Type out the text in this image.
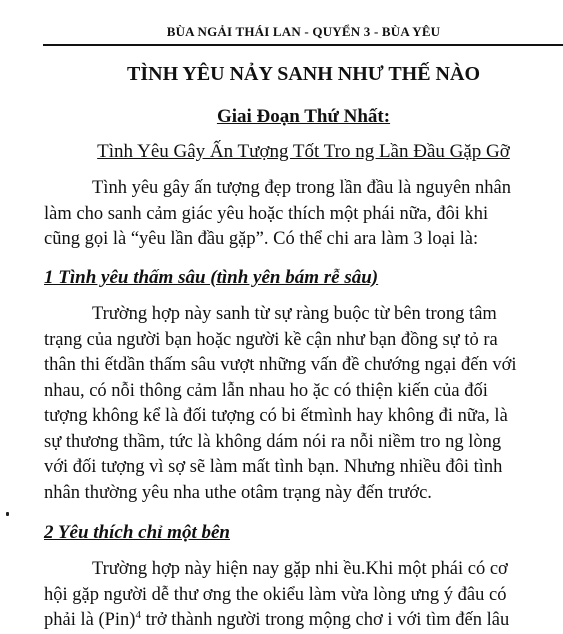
BÙA NGẢI THÁI LAN - QUYỂN 3 - BÙA YÊU
TÌNH YÊU NẢY SANH NHƯ THẾ NÀO
Giai Đoạn Thứ Nhất:
Tình Yêu Gây Ấn Tượng Tốt Tro ng Lần Đầu Gặp Gỡ
Tình yêu gây ấn tượng đẹp trong lần đầu là nguyên nhân
làm cho sanh cảm giác yêu hoặc thích một phái nữa, đôi khi
cũng gọi là “yêu lần đầu gặp”. Có thể chi ara làm 3 loại là:
1 Tình yêu thấm sâu (tình yên bám rễ sâu)
Trường hợp này sanh từ sự ràng buộc từ bên trong tâm
trạng của người bạn hoặc người kề cận như bạn đồng sự tỏ ra
thân thi ếtdần thấm sâu vượt những vấn đề chướng ngại đến với
nhau, có nỗi thông cảm lẫn nhau ho ặc có thiện kiến của đối
tượng không kể là đối tượng có bi ếtmình hay không đi nữa, là
sự thương thầm, tức là không dám nói ra nỗi niềm tro ng lòng
với đối tượng vì sợ sẽ làm mất tình bạn. Nhưng nhiều đôi tình
nhân thường yêu nha uthe otâm trạng này đến trước.
2 Yêu thích chỉ một bên
Trường hợp này hiện nay gặp nhi ều.Khi một phái có cơ
hội gặp người dễ thư ơng the okiểu làm vừa lòng ưng ý đâu có
phải là (Pin)$^4$ trở thành người trong mộng chơ i với tìm đến lâu
